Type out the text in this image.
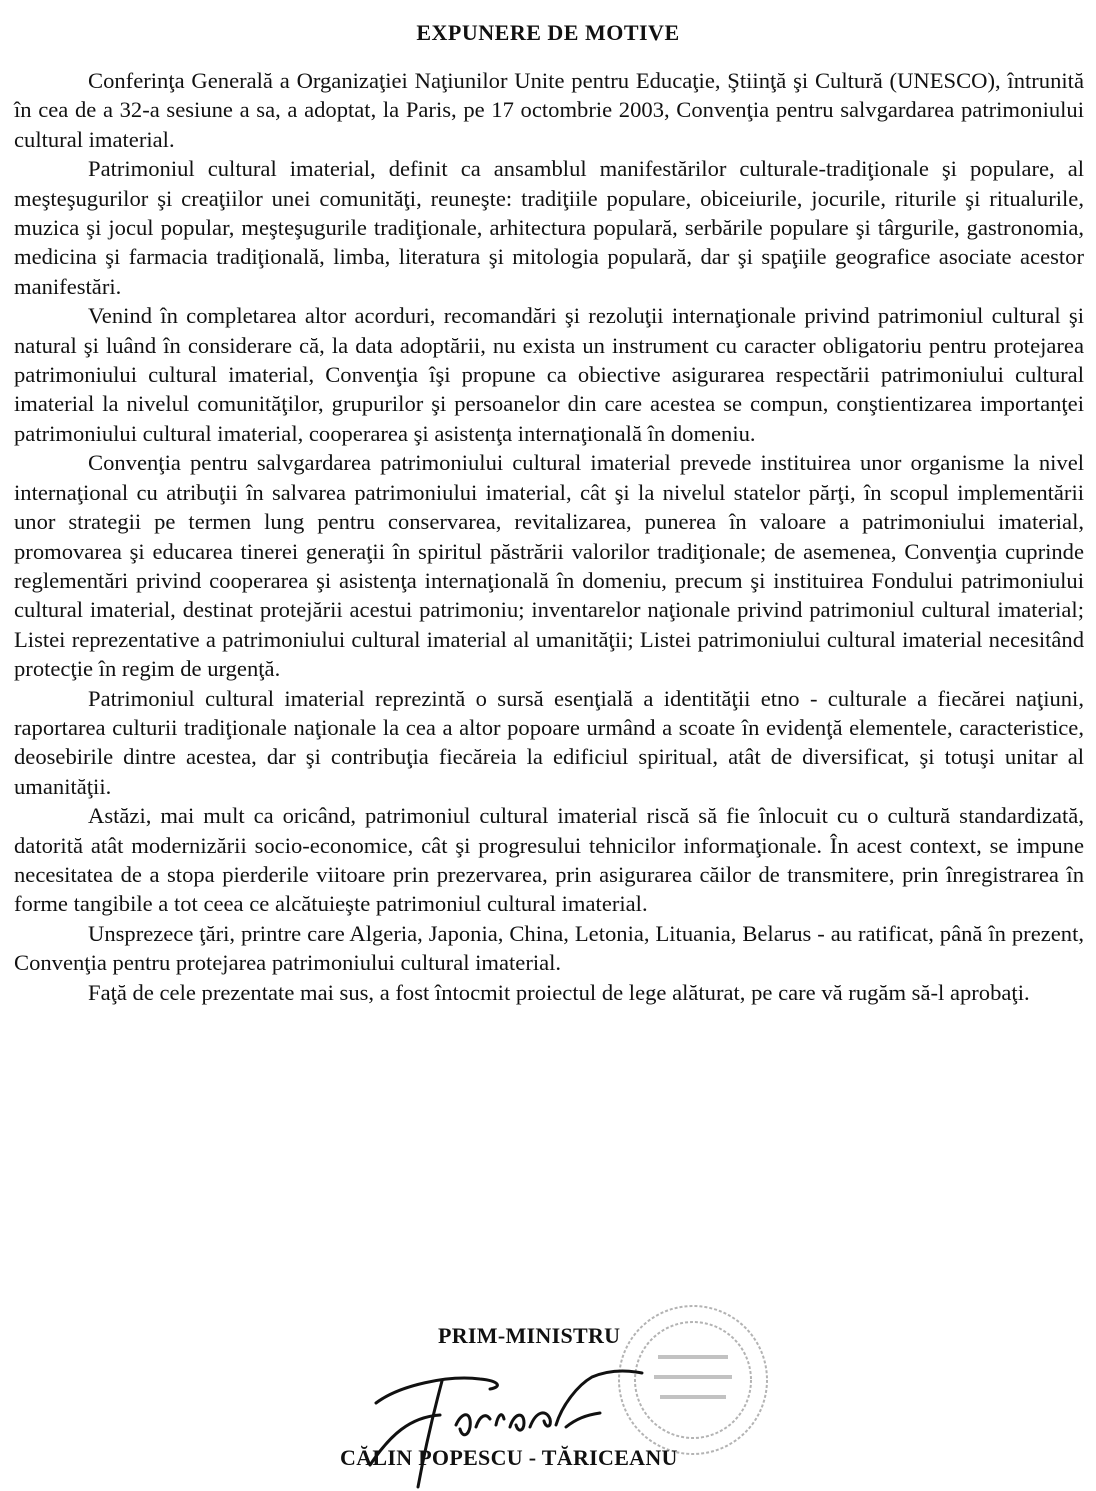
EXPUNERE DE MOTIVE

Conferinţa Generală a Organizaţiei Naţiunilor Unite pentru Educaţie, Ştiinţă şi Cultură (UNESCO), întrunită în cea de a 32-a sesiune a sa, a adoptat, la Paris, pe 17 octombrie 2003, Convenţia pentru salvgardarea patrimoniului cultural imaterial.

Patrimoniul cultural imaterial, definit ca ansamblul manifestărilor culturale-tradiţionale şi populare, al meşteşugurilor şi creaţiilor unei comunităţi, reuneşte: tradiţiile populare, obiceiurile, jocurile, riturile şi ritualurile, muzica şi jocul popular, meşteşugurile tradiţionale, arhitectura populară, serbările populare şi târgurile, gastronomia, medicina şi farmacia tradiţională, limba, literatura şi mitologia populară, dar şi spaţiile geografice asociate acestor manifestări.

Venind în completarea altor acorduri, recomandări şi rezoluţii internaţionale privind patrimoniul cultural şi natural şi luând în considerare că, la data adoptării, nu exista un instrument cu caracter obligatoriu pentru protejarea patrimoniului cultural imaterial, Convenţia îşi propune ca obiective asigurarea respectării patrimoniului cultural imaterial la nivelul comunităţilor, grupurilor şi persoanelor din care acestea se compun, conştientizarea importanţei patrimoniului cultural imaterial, cooperarea şi asistenţa internaţională în domeniu.

Convenţia pentru salvgardarea patrimoniului cultural imaterial prevede instituirea unor organisme la nivel internaţional cu atribuţii în salvarea patrimoniului imaterial, cât şi la nivelul statelor părţi, în scopul implementării unor strategii pe termen lung pentru conservarea, revitalizarea, punerea în valoare a patrimoniului imaterial, promovarea şi educarea tinerei generaţii în spiritul păstrării valorilor tradiţionale; de asemenea, Convenţia cuprinde reglementări privind cooperarea şi asistenţa internaţională în domeniu, precum şi instituirea Fondului patrimoniului cultural imaterial, destinat protejării acestui patrimoniu; inventarelor naţionale privind patrimoniul cultural imaterial; Listei reprezentative a patrimoniului cultural imaterial al umanităţii; Listei patrimoniului cultural imaterial necesitând protecţie în regim de urgenţă.

Patrimoniul cultural imaterial reprezintă o sursă esenţială a identităţii etno - culturale a fiecărei naţiuni, raportarea culturii tradiţionale naţionale la cea a altor popoare urmând a scoate în evidenţă elementele, caracteristice, deosebirile dintre acestea, dar şi contribuţia fiecăreia la edificiul spiritual, atât de diversificat, şi totuşi unitar al umanităţii.

Astăzi, mai mult ca oricând, patrimoniul cultural imaterial riscă să fie înlocuit cu o cultură standardizată, datorită atât modernizării socio-economice, cât şi progresului tehnicilor informaţionale. În acest context, se impune necesitatea de a stopa pierderile viitoare prin prezervarea, prin asigurarea căilor de transmitere, prin înregistrarea în forme tangibile a tot ceea ce alcătuieşte patrimoniul cultural imaterial.

Unsprezece ţări, printre care Algeria, Japonia, China, Letonia, Lituania, Belarus - au ratificat, până în prezent, Convenţia pentru protejarea patrimoniului cultural imaterial.

Faţă de cele prezentate mai sus, a fost întocmit proiectul de lege alăturat, pe care vă rugăm să-l aprobaţi.

PRIM-MINISTRU
CĂLIN POPESCU - TĂRICEANU
